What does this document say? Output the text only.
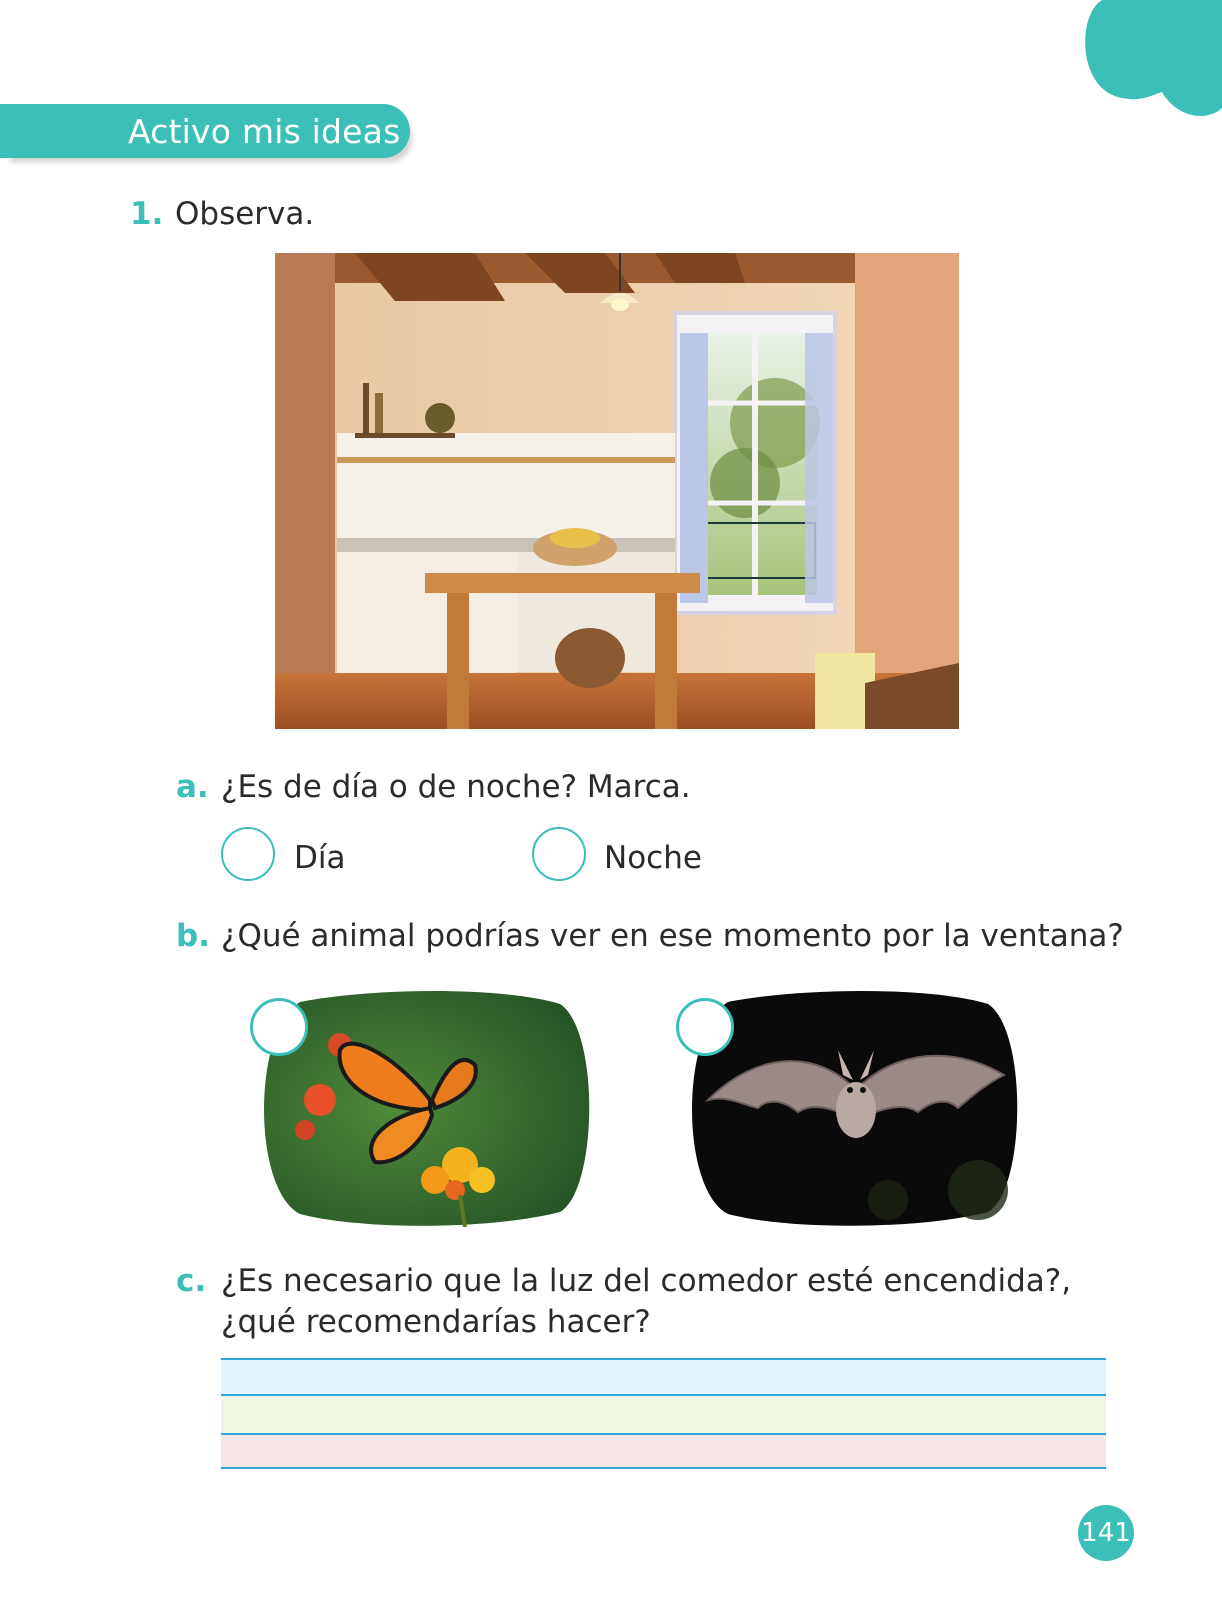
Activo mis ideas
1. Observa.
a. ¿Es de día o de noche? Marca.
Día	Noche
b. ¿Qué animal podrías ver en ese momento por la ventana?
c. ¿Es necesario que la luz del comedor esté encendida?,
¿qué recomendarías hacer?
141
